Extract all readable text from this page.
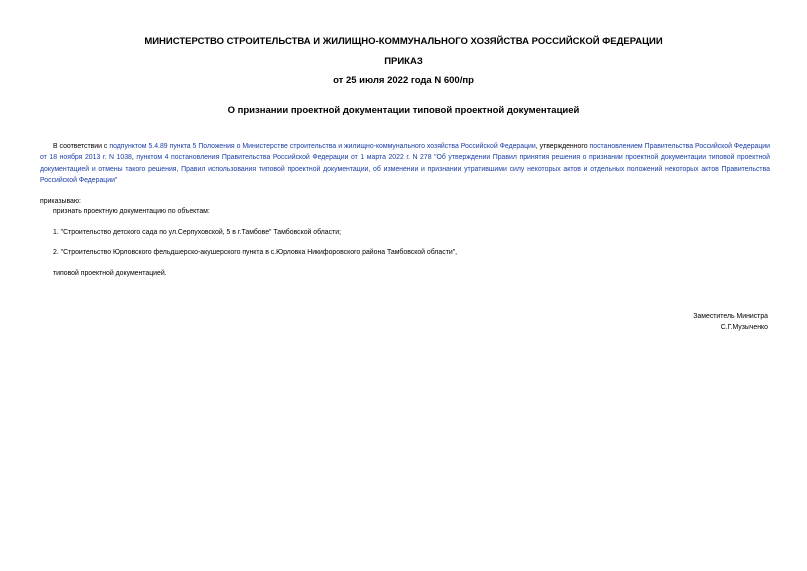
МИНИСТЕРСТВО СТРОИТЕЛЬСТВА И ЖИЛИЩНО-КОММУНАЛЬНОГО ХОЗЯЙСТВА РОССИЙСКОЙ ФЕДЕРАЦИИ
ПРИКАЗ
от 25 июля 2022 года N 600/пр
О признании проектной документации типовой проектной документацией
В соответствии с подпунктом 5.4.89 пункта 5 Положения о Министерстве строительства и жилищно-коммунального хозяйства Российской Федерации, утвержденного постановлением Правительства Российской Федерации от 18 ноября 2013 г. N 1038, пунктом 4 постановления Правительства Российской Федерации от 1 марта 2022 г. N 278 "Об утверждении Правил принятия решения о признании проектной документации типовой проектной документацией и отмены такого решения, Правил использования типовой проектной документации, об изменении и признании утратившими силу некоторых актов и отдельных положений некоторых актов Правительства Российской Федерации"
приказываю:
признать проектную документацию по объектам:
1. "Строительство детского сада по ул.Серпуховской, 5 в г.Тамбове" Тамбовской области;
2. "Строительство Юрловского фельдшерско-акушерского пункта в с.Юрловка Никифоровского района Тамбовской области",
типовой проектной документацией.
Заместитель Министра
С.Г.Музыченко
